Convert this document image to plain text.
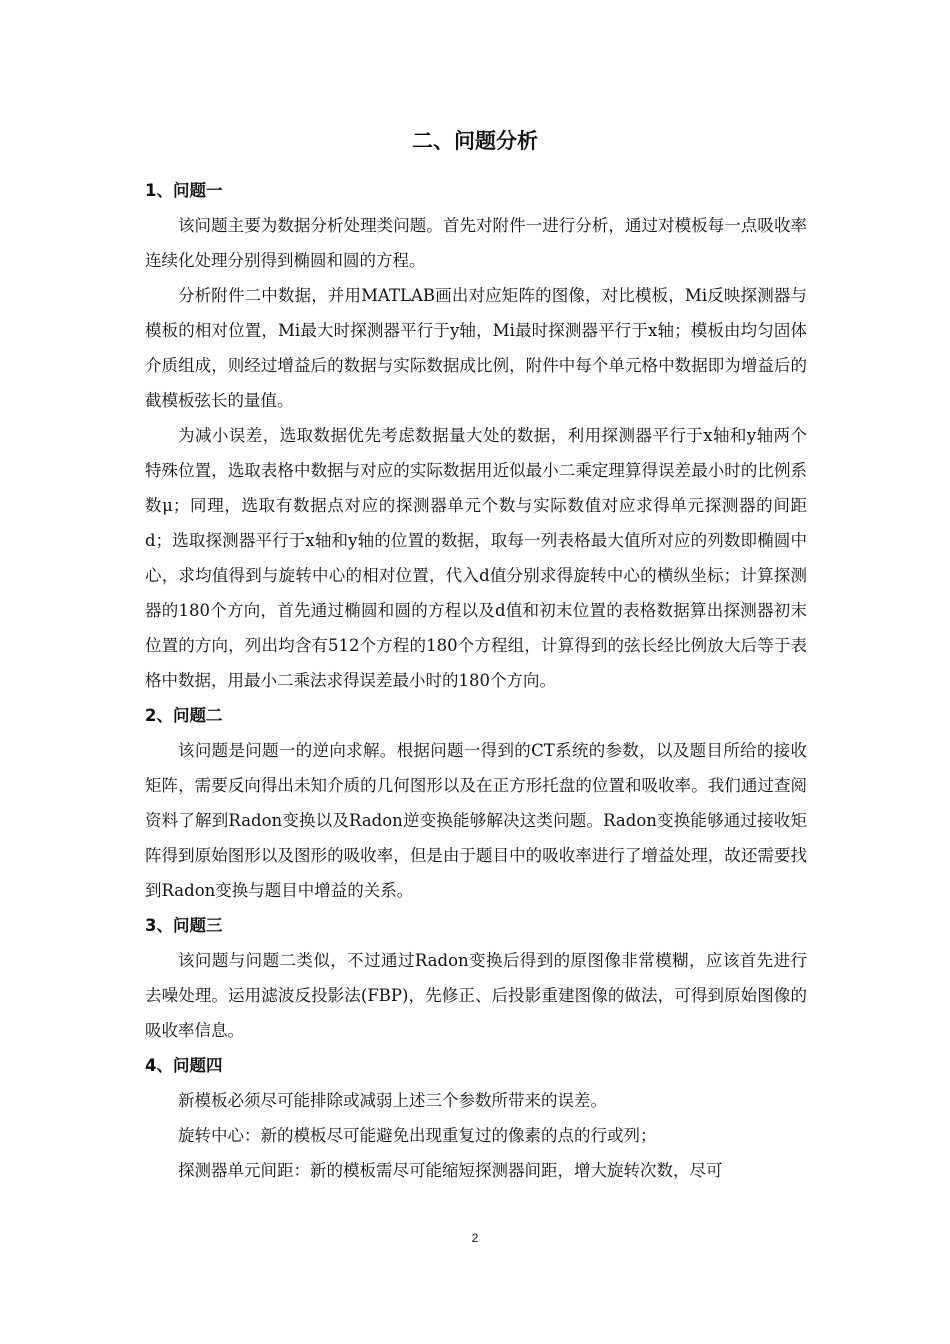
二、问题分析
1、问题一

该问题主要为数据分析处理类问题。首先对附件一进行分析，通过对模板每一点吸收率连续化处理分别得到椭圆和圆的方程。

分析附件二中数据，并用MATLAB画出对应矩阵的图像，对比模板，Mi反映探测器与模板的相对位置，Mi最大时探测器平行于y轴，Mi最时探测器平行于x轴；模板由均匀固体介质组成，则经过增益后的数据与实际数据成比例，附件中每个单元格中数据即为增益后的截模板弦长的量值。

为减小误差，选取数据优先考虑数据量大处的数据，利用探测器平行于x轴和y轴两个特殊位置，选取表格中数据与对应的实际数据用近似最小二乘定理算得误差最小时的比例系数μ；同理，选取有数据点对应的探测器单元个数与实际数值对应求得单元探测器的间距d；选取探测器平行于x轴和y轴的位置的数据，取每一列表格最大值所对应的列数即椭圆中心，求均值得到与旋转中心的相对位置，代入d值分别求得旋转中心的横纵坐标；计算探测器的180个方向，首先通过椭圆和圆的方程以及d值和初末位置的表格数据算出探测器初末位置的方向，列出均含有512个方程的180个方程组，计算得到的弦长经比例放大后等于表格中数据，用最小二乘法求得误差最小时的180个方向。

2、问题二

该问题是问题一的逆向求解。根据问题一得到的CT系统的参数，以及题目所给的接收矩阵，需要反向得出未知介质的几何图形以及在正方形托盘的位置和吸收率。我们通过查阅资料了解到Radon变换以及Radon逆变换能够解决这类问题。Radon变换能够通过接收矩阵得到原始图形以及图形的吸收率，但是由于题目中的吸收率进行了增益处理，故还需要找到Radon变换与题目中增益的关系。

3、问题三

该问题与问题二类似，不过通过Radon变换后得到的原图像非常模糊，应该首先进行去噪处理。运用滤波反投影法(FBP)，先修正、后投影重建图像的做法，可得到原始图像的吸收率信息。

4、问题四

新模板必须尽可能排除或减弱上述三个参数所带来的误差。

旋转中心：新的模板尽可能避免出现重复过的像素的点的行或列；

探测器单元间距：新的模板需尽可能缩短探测器间距，增大旋转次数，尽可

2
